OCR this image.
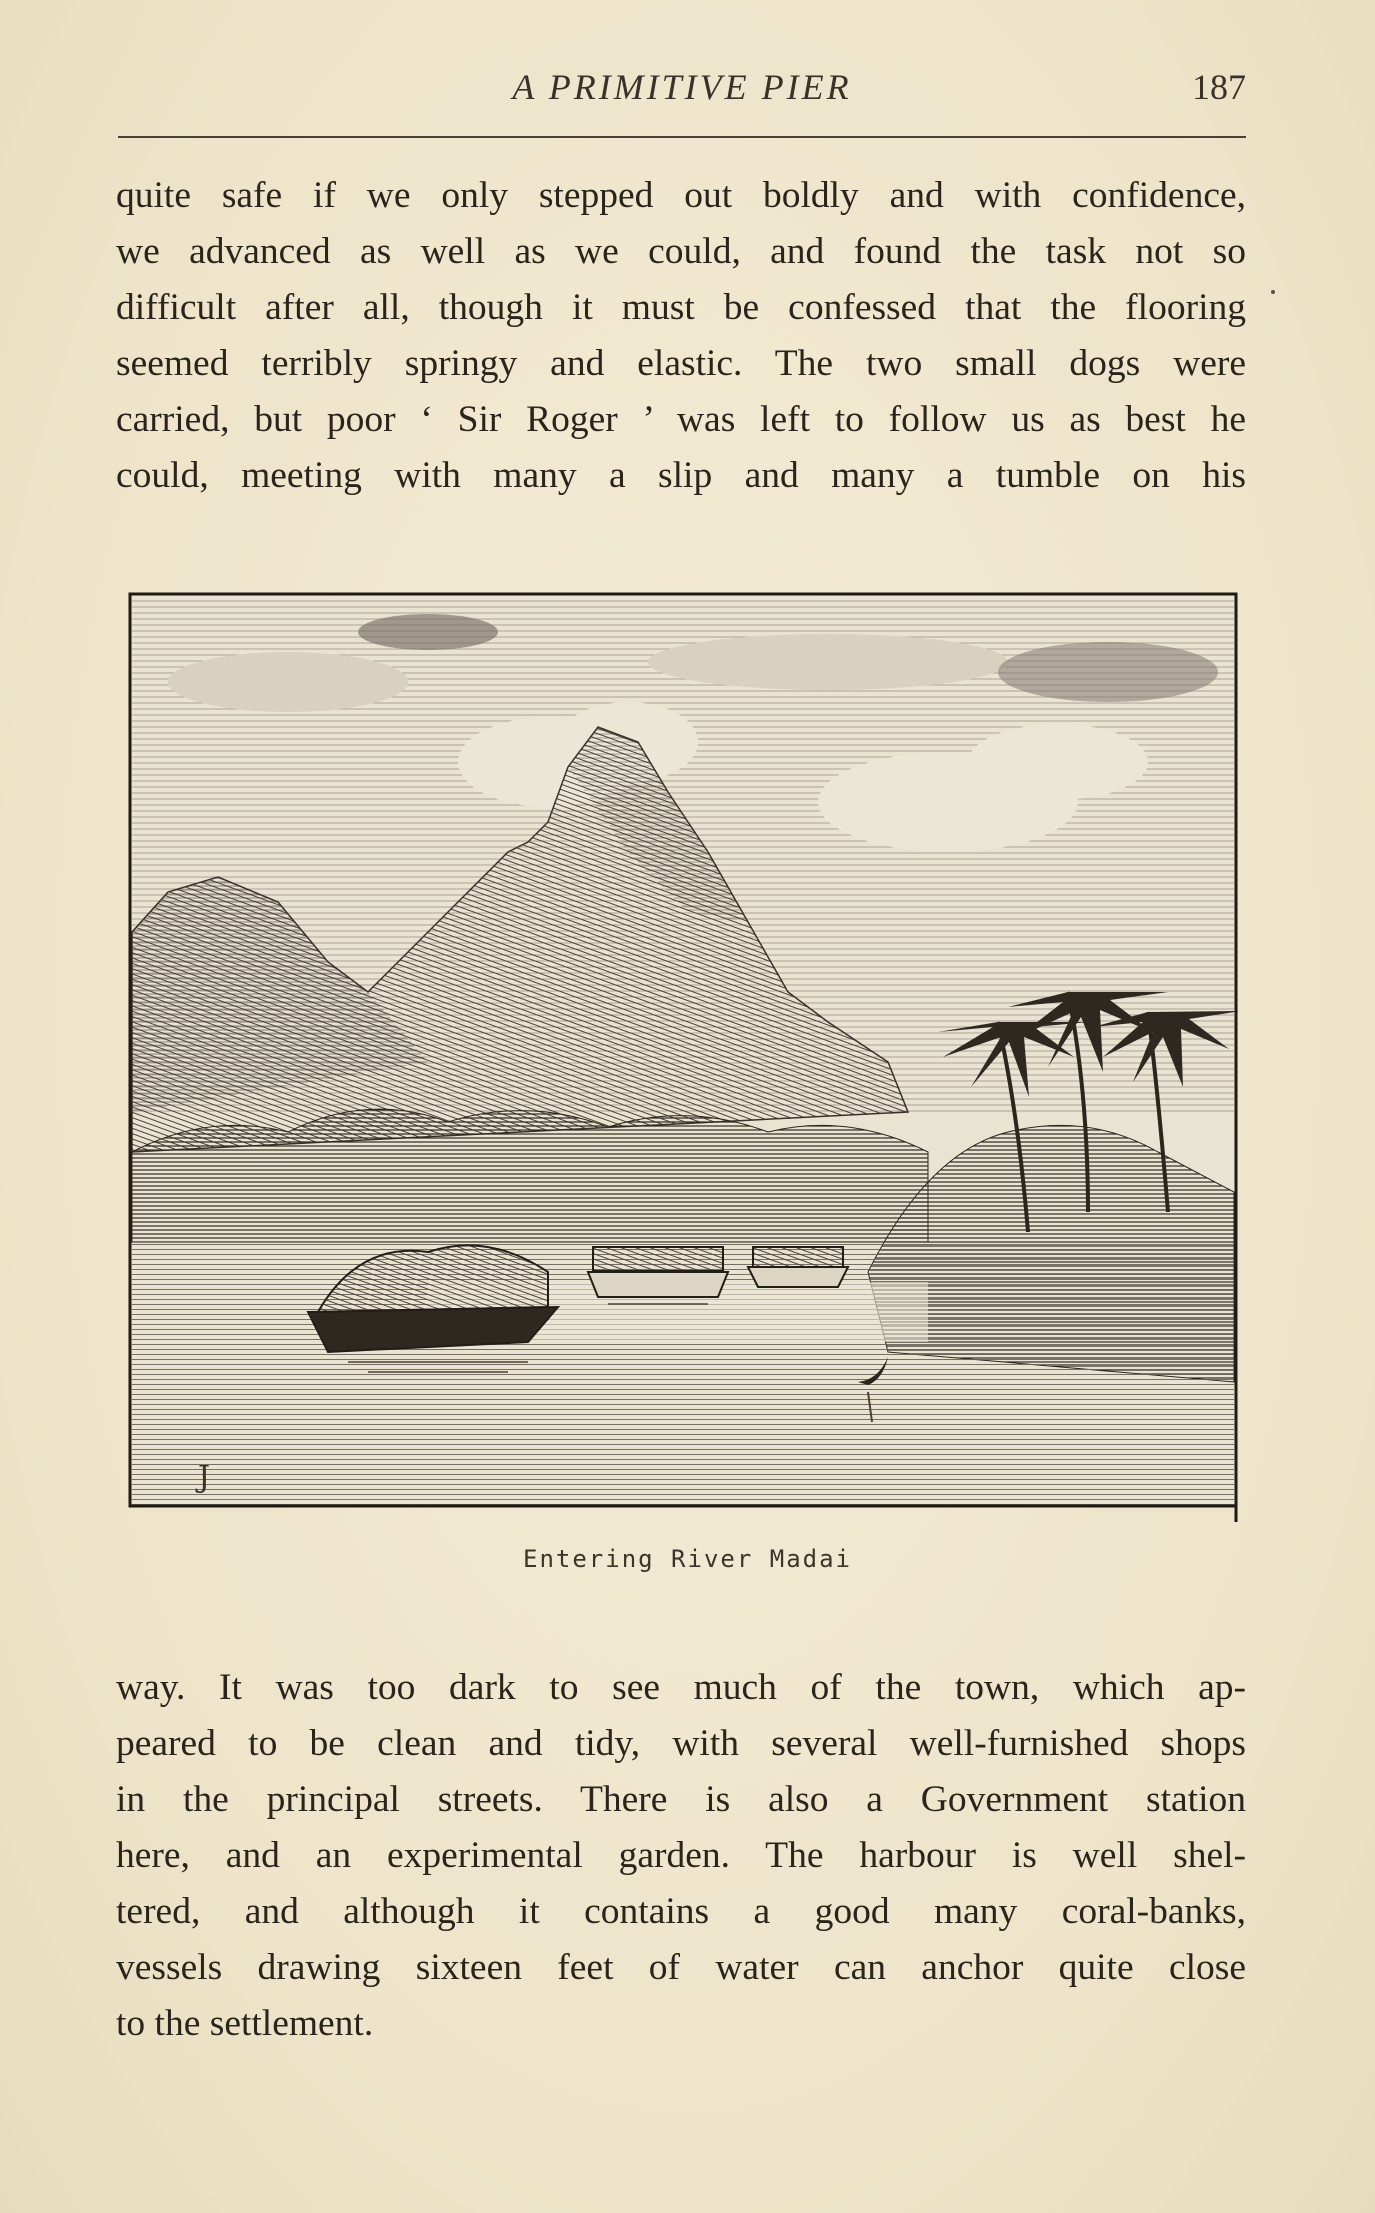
A PRIMITIVE PIER	187
quite safe if we only stepped out boldly and with confidence,
we advanced as well as we could, and found the task not so
difficult after all, though it must be confessed that the flooring
seemed terribly springy and elastic. The two small dogs were
carried, but poor ‘ Sir Roger ’ was left to follow us as best he
could, meeting with many a slip and many a tumble on his
J
Entering River Madai
way. It was too dark to see much of the town, which ap-
peared to be clean and tidy, with several well-furnished shops
in the principal streets. There is also a Government station
here, and an experimental garden. The harbour is well shel-
tered, and although it contains a good many coral-banks,
vessels drawing sixteen feet of water can anchor quite close
to the settlement.
